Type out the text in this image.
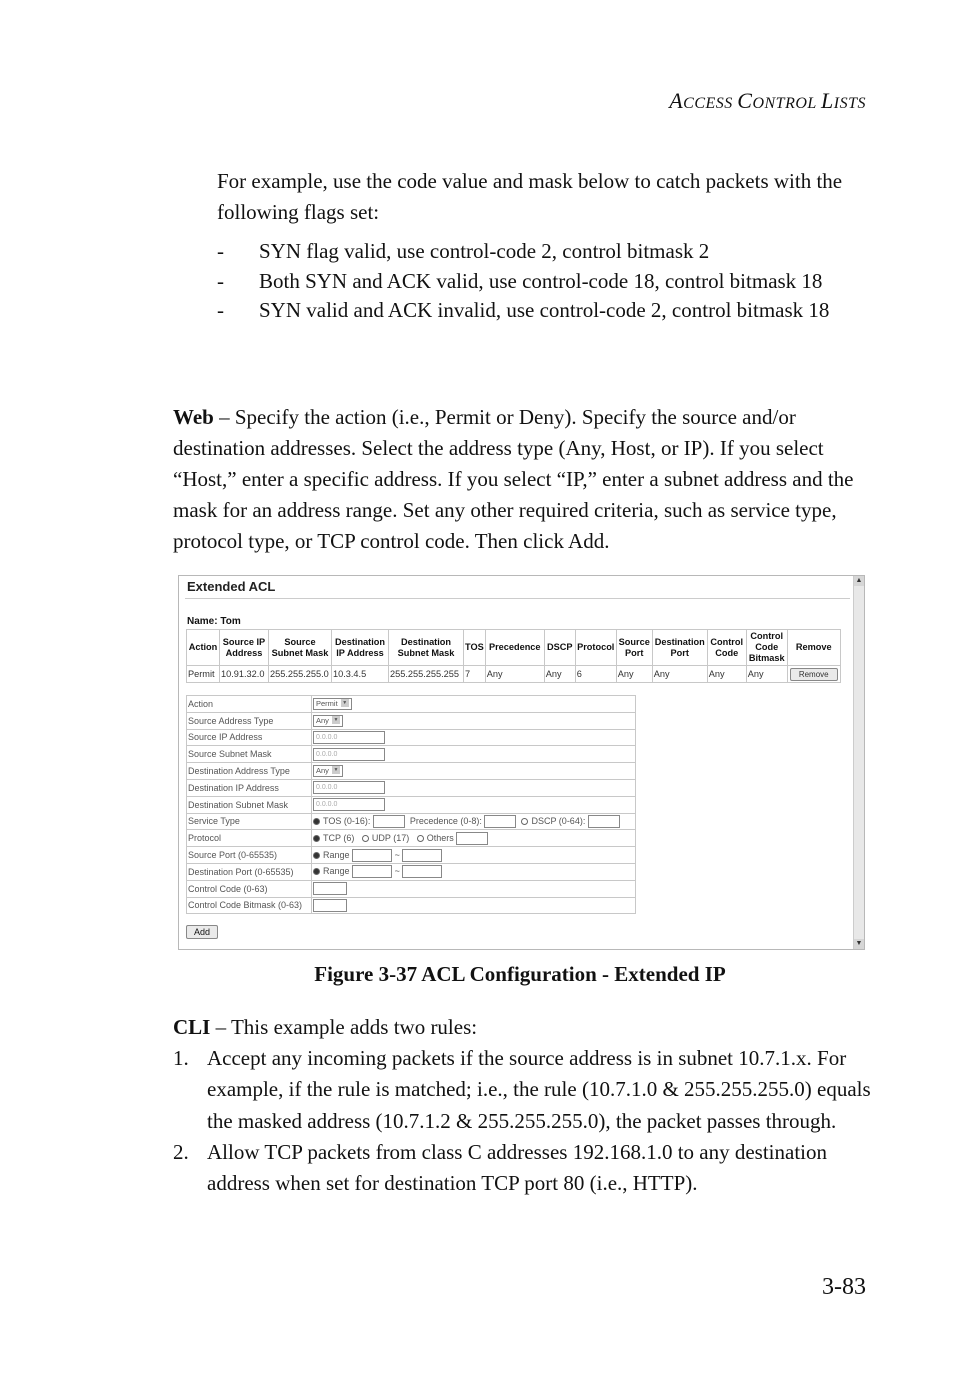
ACCESS CONTROL LISTS

For example, use the code value and mask below to catch packets with the following flags set:

-	SYN flag valid, use control-code 2, control bitmask 2
-	Both SYN and ACK valid, use control-code 18, control bitmask 18
-	SYN valid and ACK invalid, use control-code 2, control bitmask 18

Web – Specify the action (i.e., Permit or Deny). Specify the source and/or destination addresses. Select the address type (Any, Host, or IP). If you select “Host,” enter a specific address. If you select “IP,” enter a subnet address and the mask for an address range. Set any other required criteria, such as service type, protocol type, or TCP control code. Then click Add.

Extended ACL
Name: Tom
Action	Source IP Address	Source Subnet Mask	Destination IP Address	Destination Subnet Mask	TOS	Precedence	DSCP	Protocol	Source Port	Destination Port	Control Code	Control Code Bitmask	Remove
Permit	10.91.32.0	255.255.255.0	10.3.4.5	255.255.255.255	7	Any	Any	6	Any	Any	Any	Any	Remove
Action	Permit ▼
Source Address Type	Any ▼
Source IP Address	0.0.0.0
Source Subnet Mask	0.0.0.0
Destination Address Type	Any ▼
Destination IP Address	0.0.0.0
Destination Subnet Mask	0.0.0.0
Service Type	TOS (0-16): Precedence (0-8): DSCP (0-64):
Protocol	TCP (6) UDP (17) Others
Source Port (0-65535)	Range ~
Destination Port (0-65535)	Range ~
Control Code (0-63)	
Control Code Bitmask (0-63)	
Add
▲
▼
Figure 3-37 ACL Configuration - Extended IP

CLI – This example adds two rules:

1. Accept any incoming packets if the source address is in subnet 10.7.1.x. For example, if the rule is matched; i.e., the rule (10.7.1.0 & 255.255.255.0) equals the masked address (10.7.1.2 & 255.255.255.0), the packet passes through.
2. Allow TCP packets from class C addresses 192.168.1.0 to any destination address when set for destination TCP port 80 (i.e., HTTP).
3-83
